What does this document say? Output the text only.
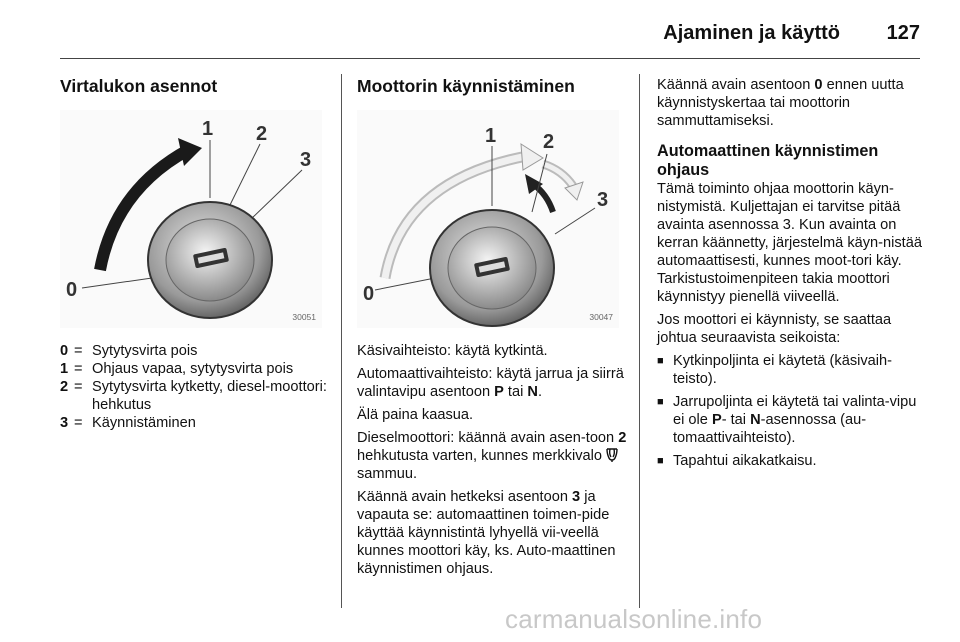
Ajaminen ja käyttö	127
Virtalukon asennot
1 2
3
0
30051
0 = Sytytysvirta pois
1 = Ohjaus vapaa, sytytysvirta pois
2 = Sytytysvirta kytketty, diesel-moottori: hehkutus
3 = Käynnistäminen
Moottorin käynnistäminen
1 2
3
0
30047

Käsivaihteisto: käytä kytkintä.

Automaattivaihteisto: käytä jarrua ja siirrä valintavipu asentoon P tai N.

Älä paina kaasua.

Dieselmoottori: käännä avain asen-toon 2 hehkutusta varten, kunnes merkkivalo  sammuu.

Käännä avain hetkeksi asentoon 3 ja vapauta se: automaattinen toimen-pide käyttää käynnistintä lyhyellä vii-veellä kunnes moottori käy, ks. Auto-maattinen käynnistimen ohjaus.

Käännä avain asentoon 0 ennen uutta käynnistyskertaa tai moottorin sammuttamiseksi.

Automaattinen käynnistimen ohjaus

Tämä toiminto ohjaa moottorin käyn-nistymistä. Kuljettajan ei tarvitse pitää avainta asennossa 3. Kun avainta on kerran käännetty, järjestelmä käyn-nistää automaattisesti, kunnes moot-tori käy. Tarkistustoimenpiteen takia moottori käynnistyy pienellä viiveellä.

Jos moottori ei käynnisty, se saattaa johtua seuraavista seikoista:

■ Kytkinpoljinta ei käytetä (käsivaih-teisto).
■ Jarrupoljinta ei käytetä tai valinta-vipu ei ole P- tai N-asennossa (au-tomaattivaihteisto).
■ Tapahtui aikakatkaisu.
carmanualsonline.info
